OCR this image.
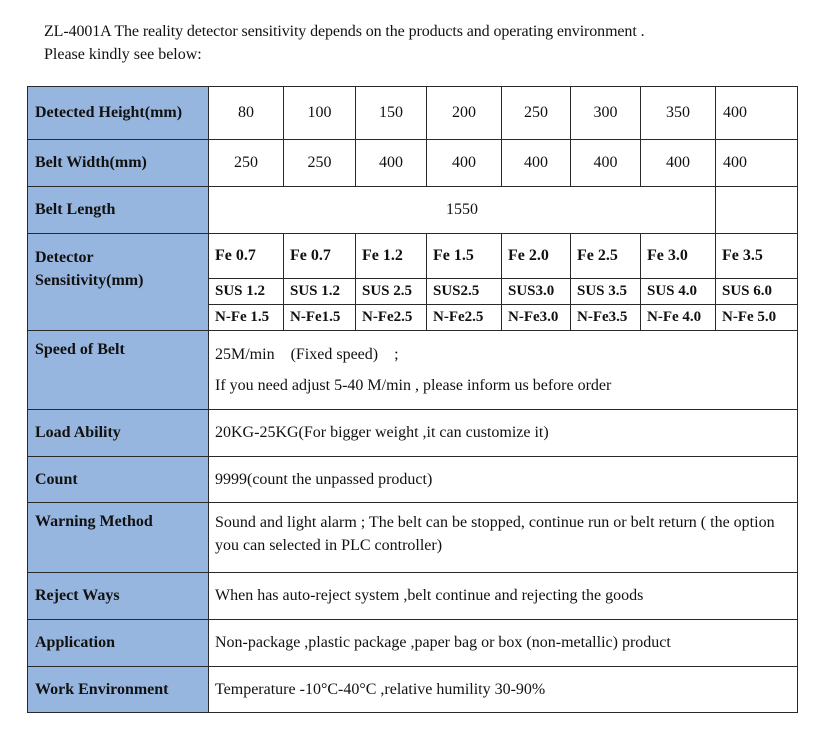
ZL-4001A The reality detector sensitivity depends on the products and operating environment .
Please kindly see below:
Detected Height(mm)	80	100	150	200	250	300	350	400
Belt Width(mm)	250	250	400	400	400	400	400	400
Belt Length	1550							
Detector Sensitivity(mm)	Fe 0.7	Fe 0.7	Fe 1.2	Fe 1.5	Fe 2.0	Fe 2.5	Fe 3.0	Fe 3.5
	SUS 1.2	SUS 1.2	SUS 2.5	SUS2.5	SUS3.0	SUS 3.5	SUS 4.0	SUS 6.0
	N-Fe 1.5	N-Fe1.5	N-Fe2.5	N-Fe2.5	N-Fe3.0	N-Fe3.5	N-Fe 4.0	N-Fe 5.0
Speed of Belt	25M/min　(Fixed speed)　;
If you need adjust 5-40 M/min , please inform us before order							

Load Ability	20KG-25KG(For bigger weight ,it can customize it)							
Count	9999(count the unpassed product)							
Warning Method	Sound and light alarm ; The belt can be stopped, continue run or belt return ( the option you can selected in PLC controller)							
Reject Ways	When has auto-reject system ,belt continue and rejecting the goods							
Application	Non-package ,plastic package ,paper bag or box (non-metallic) product							
Work Environment	Temperature -10°C-40°C ,relative humility 30-90%							
